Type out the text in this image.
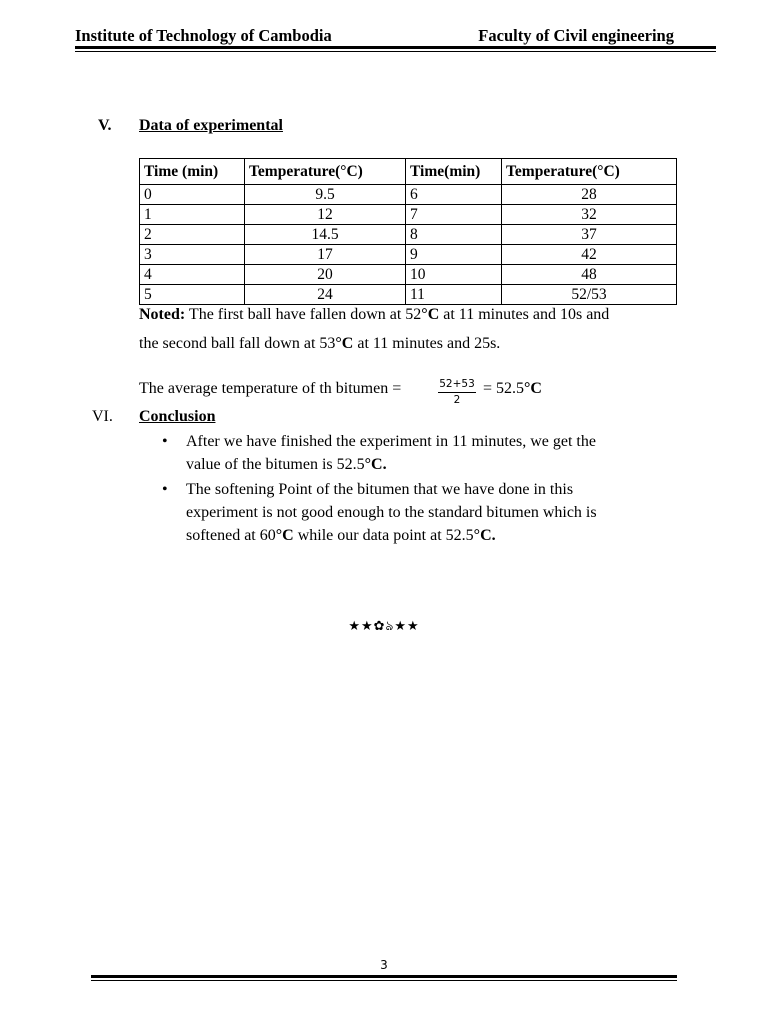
Institute of Technology of Cambodia	Faculty of Civil engineering
V. Data of experimental
Time (min)	Temperature(°C)	Time(min)	Temperature(°C)
0	9.5	6	28
1	12	7	32
2	14.5	8	37
3	17	9	42
4	20	10	48
5	24	11	52/53
Noted: The first ball have fallen down at 52°C at 11 minutes and 10s and
the second ball fall down at 53°C at 11 minutes and 25s.
The average temperature of th bitumen =	52+53
2
= 52.5°C
VI. Conclusion
• After we have finished the experiment in 11 minutes, we get the
value of the bitumen is 52.5°C.
• The softening Point of the bitumen that we have done in this
experiment is not good enough to the standard bitumen which is
softened at 60°C while our data point at 52.5°C.
★★✿ঌ★★
3
